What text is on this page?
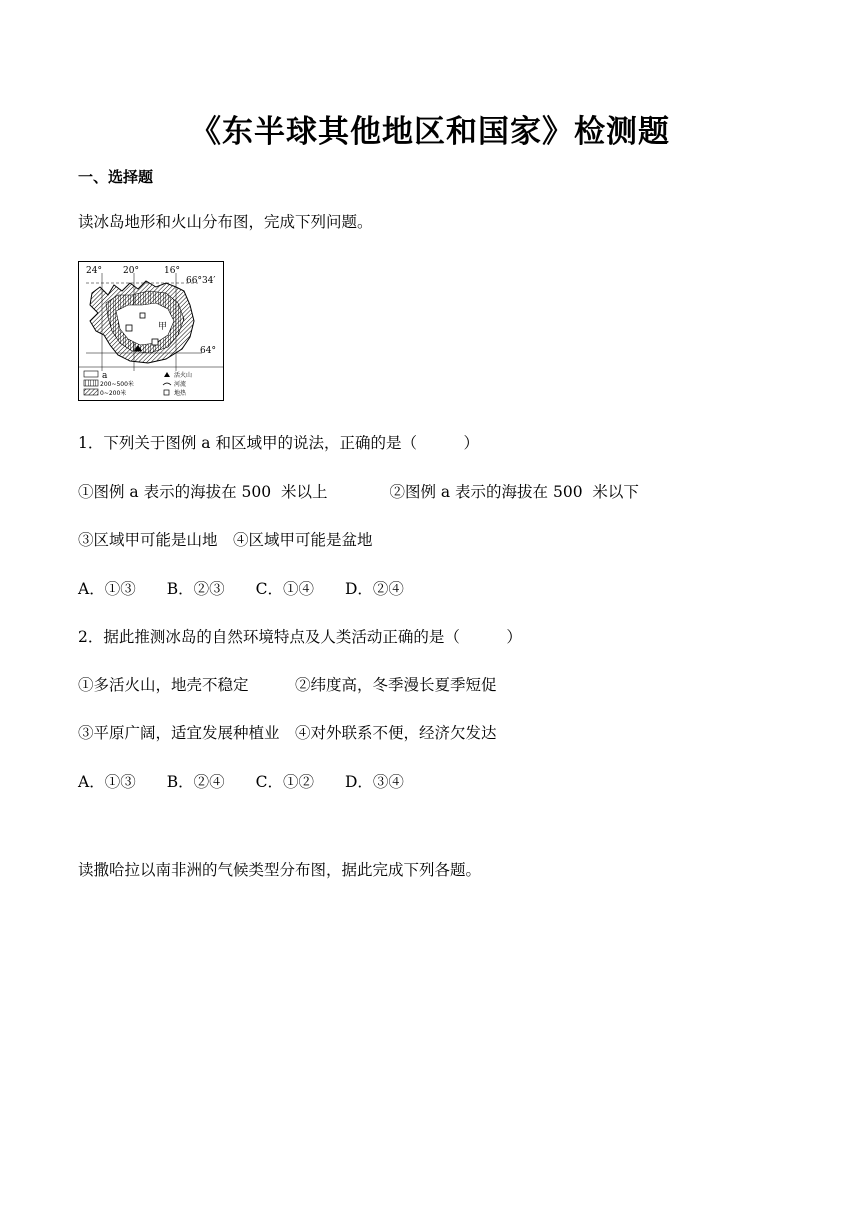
《东半球其他地区和国家》检测题
一、选择题
读冰岛地形和火山分布图，完成下列问题。
24° 20°	16°
66°34′
64°
甲
a
200~500米
0~200米
活火山
河流
地热
1．下列关于图例 a 和区域甲的说法，正确的是（　　　）
①图例 a 表示的海拔在 500  米以上　　　　②图例 a 表示的海拔在 500  米以下
③区域甲可能是山地　④区域甲可能是盆地
A．①③　　B．②③　　C．①④　　D．②④
2．据此推测冰岛的自然环境特点及人类活动正确的是（　　　）
①多活火山，地壳不稳定　　　②纬度高，冬季漫长夏季短促
③平原广阔，适宜发展种植业　④对外联系不便，经济欠发达
A．①③　　B．②④　　C．①②　　D．③④
读撒哈拉以南非洲的气候类型分布图，据此完成下列各题。
